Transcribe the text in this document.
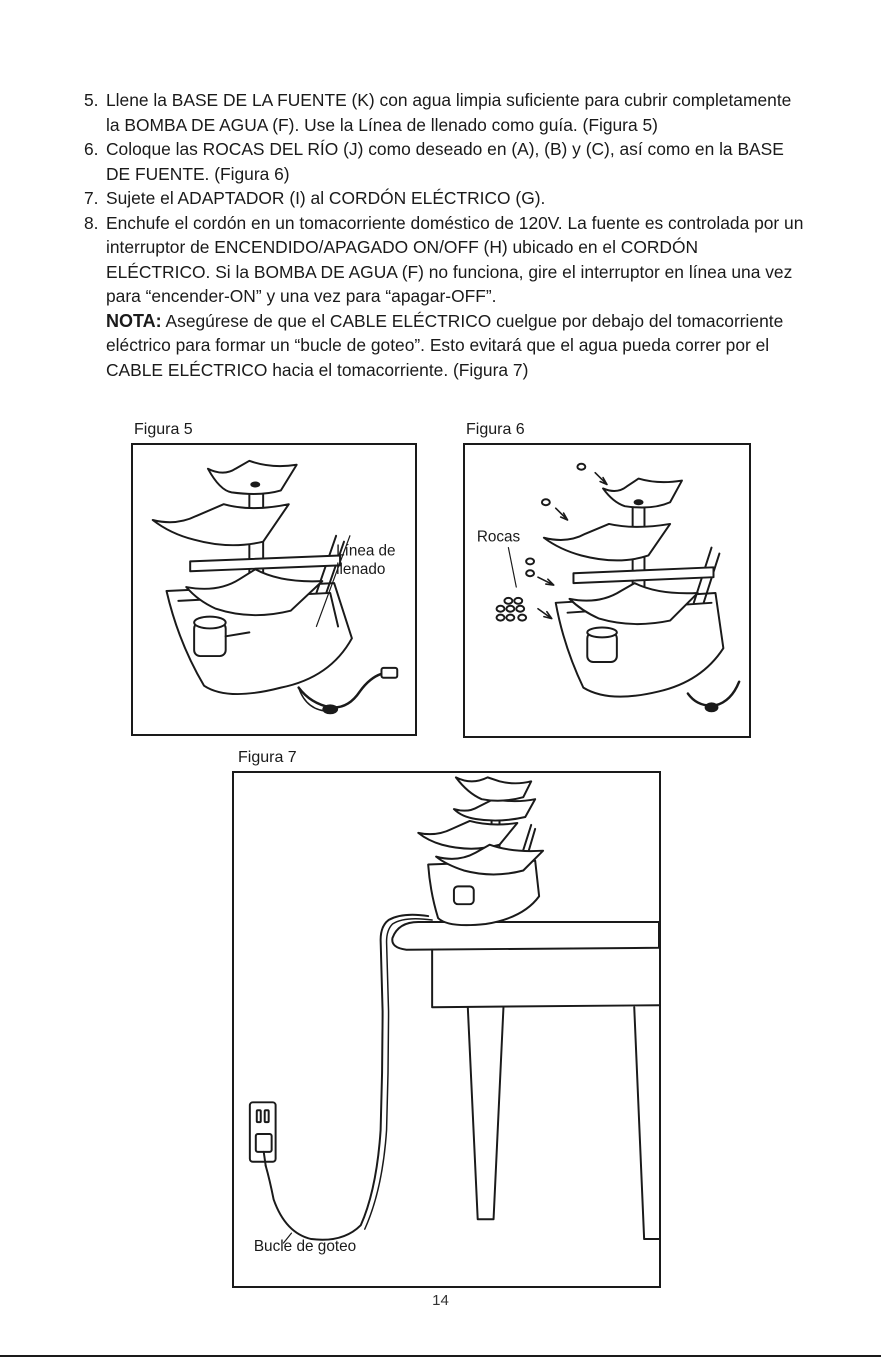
5. Llene la BASE DE LA FUENTE (K) con agua limpia suficiente para cubrir completamente la BOMBA DE AGUA (F). Use la Línea de llenado como guía. (Figura 5)
6. Coloque las ROCAS DEL RÍO (J) como deseado en (A), (B) y (C), así como en la BASE DE FUENTE. (Figura 6)
7. Sujete el ADAPTADOR (I) al CORDÓN ELÉCTRICO (G).
8. Enchufe el cordón en un tomacorriente doméstico de 120V. La fuente es controlada por un interruptor de ENCENDIDO/APAGADO ON/OFF (H) ubicado en el CORDÓN ELÉCTRICO. Si la BOMBA DE AGUA (F) no funciona, gire el interruptor en línea una vez para “encender-ON” y una vez para “apagar-OFF”.
NOTA: Asegúrese de que el CABLE ELÉCTRICO cuelgue por debajo del tomacorriente eléctrico para formar un “bucle de goteo”. Esto evitará que el agua pueda correr por el CABLE ELÉCTRICO hacia el tomacorriente. (Figura 7)
Figura 5
Línea de
llenado
Figura 6
Rocas
Figura 7
Bucle de goteo
14
